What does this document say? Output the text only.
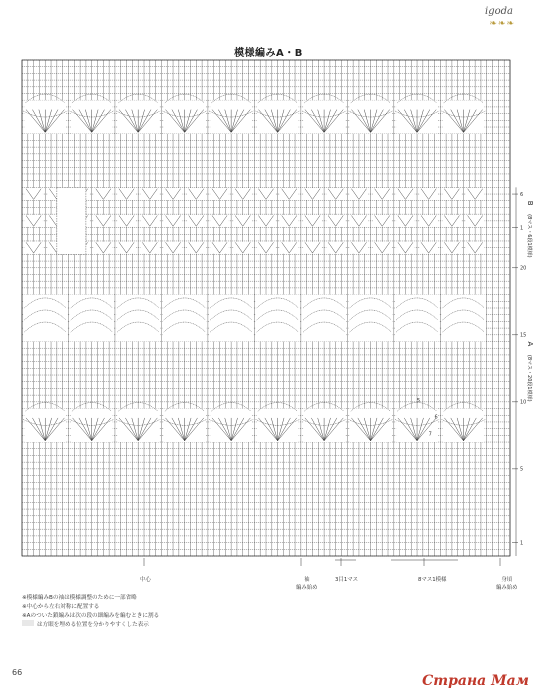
igoda
❧❧❧
模様編みA・B
6
1
20
15
10
5
1
B
(8マス・6段1模様)
A
(8マス・20段1模様)
5
6
7
中心	袖
編み始め
3目1マス	8マス1模様	身頃
編み始め
※模様編みBの袖は模様調整のために一部省略
※中心から左右対称に配置する
※Aのついた鎖編みは次の段の細編みを編むときに割る
は方眼を埋める位置を分かりやすくした表示
66
Страна Мам
